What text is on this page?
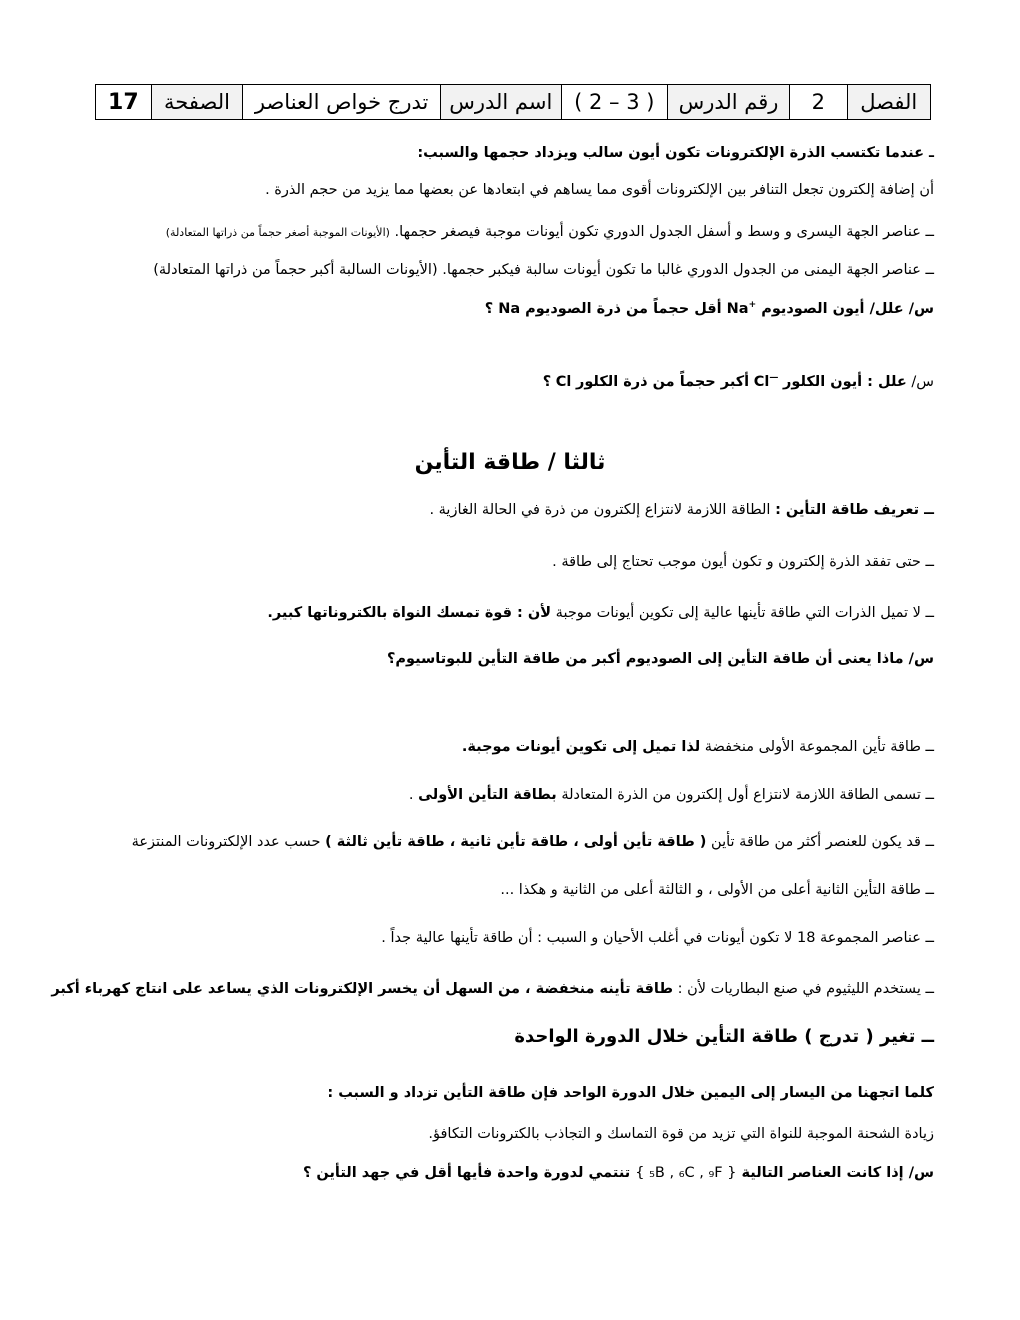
الفصل	2	رقم الدرس	( 3 – 2 )	اسم الدرس	تدرج خواص العناصر	الصفحة	17
ـ عندما تكتسب الذرة الإلكترونات تكون أيون سالب ويزداد حجمها والسبب:
أن إضافة إلكترون تجعل التنافر بين الإلكترونات أقوى مما يساهم في ابتعادها عن بعضها مما يزيد من حجم الذرة .
ــ عناصر الجهة اليسرى و وسط و أسفل الجدول الدوري تكون أيونات موجبة فيصغر حجمها. (الأيونات الموجبة أصغر حجماً من ذراتها المتعادلة)
ــ عناصر الجهة اليمنى من الجدول الدوري غالبا ما تكون أيونات سالبة فيكبر حجمها. (الأيونات السالبة أكبر حجماً من ذراتها المتعادلة)
س/ علل/ أيون الصوديوم Na+ أقل حجماً من ذرة الصوديوم Na ؟
س/ علل : أيون الكلور Cl— أكبر حجماً من ذرة الكلور Cl ؟
ثالثا / طاقة التأين
ــ تعريف طاقة التأين : الطاقة اللازمة لانتزاع إلكترون من ذرة في الحالة الغازية .
ــ حتى تفقد الذرة إلكترون و تكون أيون موجب تحتاج إلى طاقة .
ــ لا تميل الذرات التي طاقة تأينها عالية إلى تكوين أيونات موجبة لأن : قوة تمسك النواة بالكتروناتها كبير.
س/ ماذا يعنى أن طاقة التأين إلى الصوديوم أكبر من طاقة التأين للبوتاسيوم؟
ــ طاقة تأين المجموعة الأولى منخفضة لذا تميل إلى تكوين أيونات موجبة.
ــ تسمى الطاقة اللازمة لانتزاع أول إلكترون من الذرة المتعادلة بطاقة التأين الأولى .
ــ قد يكون للعنصر أكثر من طاقة تأين ( طاقة تأين أولى ، طاقة تأين ثانية ، طاقة تأين ثالثة ) حسب عدد الإلكترونات المنتزعة
ــ طاقة التأين الثانية أعلى من الأولى ، و الثالثة أعلى من الثانية و هكذا ...
ــ عناصر المجموعة 18 لا تكون أيونات في أغلب الأحيان و السبب : أن طاقة تأينها عالية جداً .
ــ يستخدم الليثيوم في صنع البطاريات لأن : طاقة تأينه منخفضة ، من السهل أن يخسر الإلكترونات الذي يساعد على انتاج كهرباء أكبر
ــ تغير ( تدرج ) طاقة التأين خلال الدورة الواحدة
كلما اتجهنا من اليسار إلى اليمين خلال الدورة الواحد فإن طاقة التأين تزداد و السبب :
زيادة الشحنة الموجبة للنواة التي تزيد من قوة التماسك و التجاذب بالكترونات التكافؤ.
س/ إذا كانت العناصر التالية { ₅B , ₆C , ₉F } تنتمي لدورة واحدة فأيها أقل في جهد التأين ؟
